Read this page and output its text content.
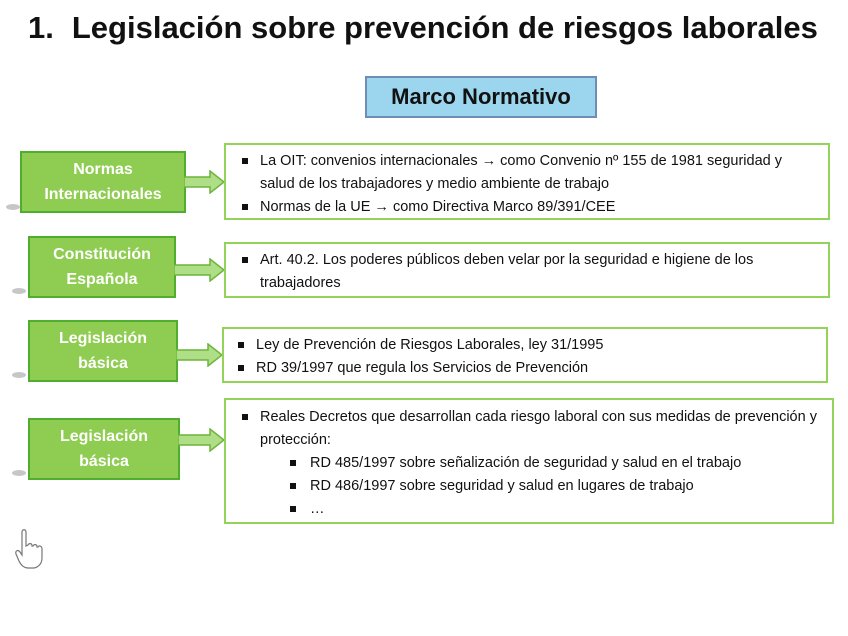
1. Legislación sobre prevención de riesgos laborales
Marco Normativo
Normas
Internacionales
La OIT: convenios internacionales → como Convenio nº 155 de 1981 seguridad y salud de los trabajadores y medio ambiente de trabajo
Normas de la UE → como Directiva Marco 89/391/CEE
Constitución
Española
Art. 40.2. Los poderes públicos deben velar por la seguridad e higiene de los trabajadores
Legislación
básica
Ley de Prevención de Riesgos Laborales, ley 31/1995
RD 39/1997 que regula los Servicios de Prevención
Legislación
básica
Reales Decretos que desarrollan cada riesgo laboral con sus medidas de prevención y protección:
RD 485/1997 sobre señalización de seguridad y salud en el trabajo
RD 486/1997 sobre seguridad y salud en lugares de trabajo
…
